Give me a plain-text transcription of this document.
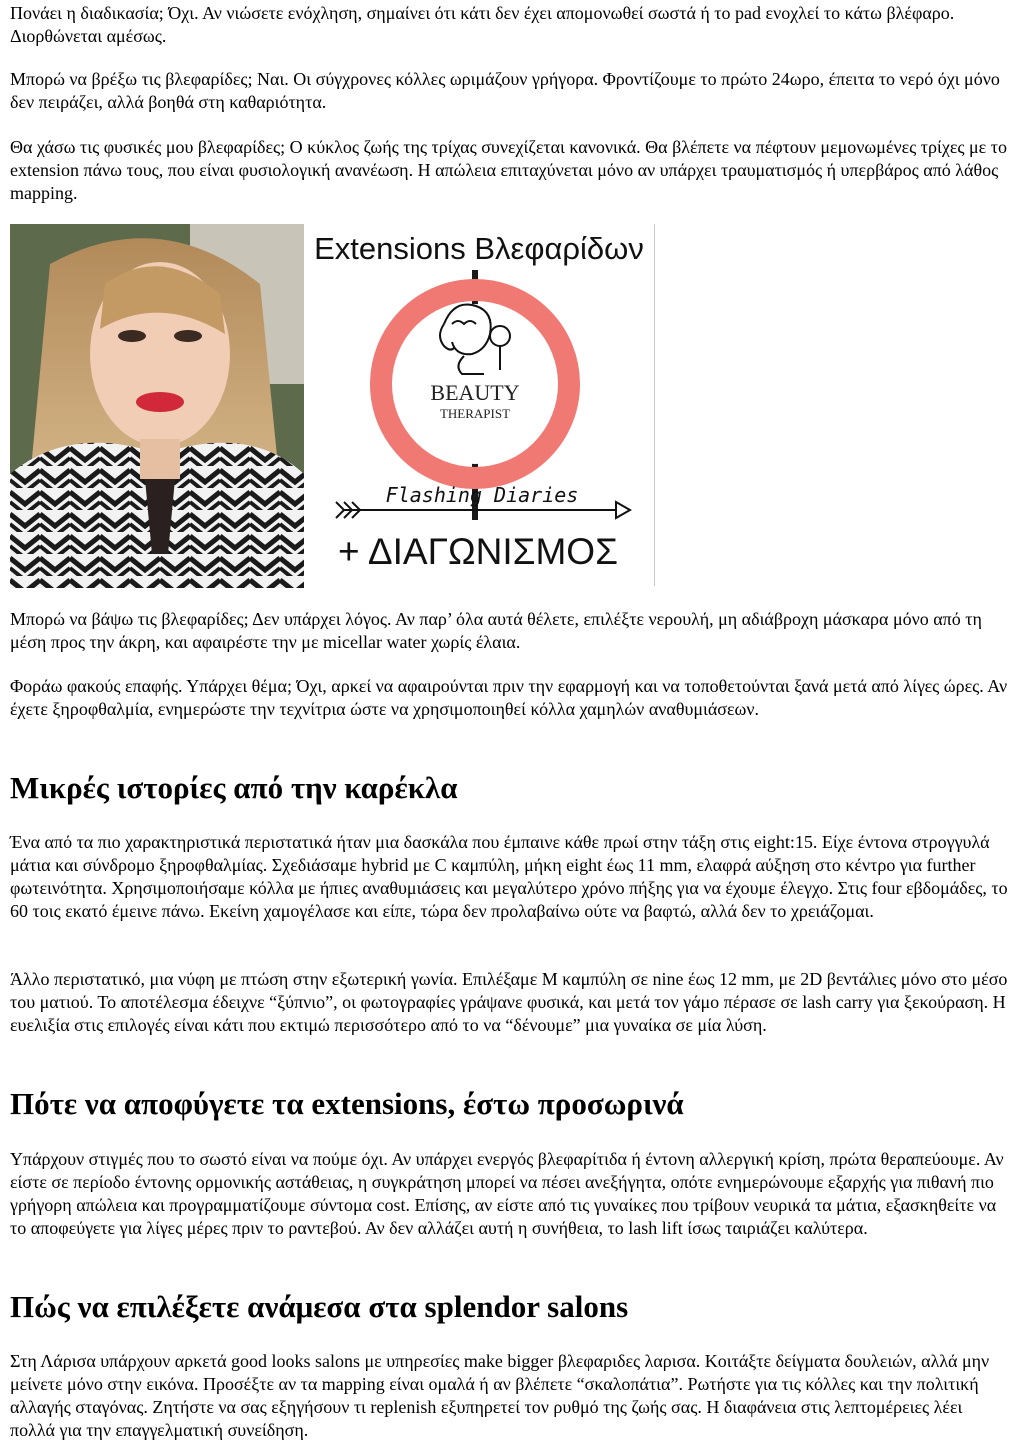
Πονάει η διαδικασία; Όχι. Αν νιώσετε ενόχληση, σημαίνει ότι κάτι δεν έχει απομονωθεί σωστά ή το pad ενοχλεί το κάτω βλέφαρο. Διορθώνεται αμέσως.

Μπορώ να βρέξω τις βλεφαρίδες; Ναι. Οι σύγχρονες κόλλες ωριμάζουν γρήγορα. Φροντίζουμε το πρώτο 24ωρο, έπειτα το νερό όχι μόνο δεν πειράζει, αλλά βοηθά στη καθαριότητα.

Θα χάσω τις φυσικές μου βλεφαρίδες; Ο κύκλος ζωής της τρίχας συνεχίζεται κανονικά. Θα βλέπετε να πέφτουν μεμονωμένες τρίχες με το extension πάνω τους, που είναι φυσιολογική ανανέωση. Η απώλεια επιταχύνεται μόνο αν υπάρχει τραυματισμός ή υπερβάρος από λάθος mapping.

Extensions Βλεφαρίδων
BEAUTY
THERAPIST
Flashing Diaries
+ ΔΙΑΓΩΝΙΣΜΟΣ

Μπορώ να βάψω τις βλεφαρίδες; Δεν υπάρχει λόγος. Αν παρ’ όλα αυτά θέλετε, επιλέξτε νερουλή, μη αδιάβροχη μάσκαρα μόνο από τη μέση προς την άκρη, και αφαιρέστε την με micellar water χωρίς έλαια.

Φοράω φακούς επαφής. Υπάρχει θέμα; Όχι, αρκεί να αφαιρούνται πριν την εφαρμογή και να τοποθετούνται ξανά μετά από λίγες ώρες. Αν έχετε ξηροφθαλμία, ενημερώστε την τεχνίτρια ώστε να χρησιμοποιηθεί κόλλα χαμηλών αναθυμιάσεων.

Μικρές ιστορίες από την καρέκλα

Ένα από τα πιο χαρακτηριστικά περιστατικά ήταν μια δασκάλα που έμπαινε κάθε πρωί στην τάξη στις eight:15. Είχε έντονα στρογγυλά μάτια και σύνδρομο ξηροφθαλμίας. Σχεδιάσαμε hybrid με C καμπύλη, μήκη eight έως 11 mm, ελαφρά αύξηση στο κέντρο για further φωτεινότητα. Χρησιμοποιήσαμε κόλλα με ήπιες αναθυμιάσεις και μεγαλύτερο χρόνο πήξης για να έχουμε έλεγχο. Στις four εβδομάδες, το 60 τοις εκατό έμεινε πάνω. Εκείνη χαμογέλασε και είπε, τώρα δεν προλαβαίνω ούτε να βαφτώ, αλλά δεν το χρειάζομαι.

Άλλο περιστατικό, μια νύφη με πτώση στην εξωτερική γωνία. Επιλέξαμε M καμπύλη σε nine έως 12 mm, με 2D βεντάλιες μόνο στο μέσο του ματιού. Το αποτέλεσμα έδειχνε “ξύπνιο”, οι φωτογραφίες γράψανε φυσικά, και μετά τον γάμο πέρασε σε lash carry για ξεκούραση. Η ευελιξία στις επιλογές είναι κάτι που εκτιμώ περισσότερο από το να “δένουμε” μια γυναίκα σε μία λύση.

Πότε να αποφύγετε τα extensions, έστω προσωρινά

Υπάρχουν στιγμές που το σωστό είναι να πούμε όχι. Αν υπάρχει ενεργός βλεφαρίτιδα ή έντονη αλλεργική κρίση, πρώτα θεραπεύουμε. Αν είστε σε περίοδο έντονης ορμονικής αστάθειας, η συγκράτηση μπορεί να πέσει ανεξήγητα, οπότε ενημερώνουμε εξαρχής για πιθανή πιο γρήγορη απώλεια και προγραμματίζουμε σύντομα cost. Επίσης, αν είστε από τις γυναίκες που τρίβουν νευρικά τα μάτια, εξασκηθείτε να το αποφεύγετε για λίγες μέρες πριν το ραντεβού. Αν δεν αλλάζει αυτή η συνήθεια, το lash lift ίσως ταιριάζει καλύτερα.

Πώς να επιλέξετε ανάμεσα στα splendor salons

Στη Λάρισα υπάρχουν αρκετά good looks salons με υπηρεσίες make bigger βλεφαριδες λαρισα. Κοιτάξτε δείγματα δουλειών, αλλά μην μείνετε μόνο στην εικόνα. Προσέξτε αν τα mapping είναι ομαλά ή αν βλέπετε “σκαλοπάτια”. Ρωτήστε για τις κόλλες και την πολιτική αλλαγής σταγόνας. Ζητήστε να σας εξηγήσουν τι replenish εξυπηρετεί τον ρυθμό της ζωής σας. Η διαφάνεια στις λεπτομέρειες λέει πολλά για την επαγγελματική συνείδηση.
